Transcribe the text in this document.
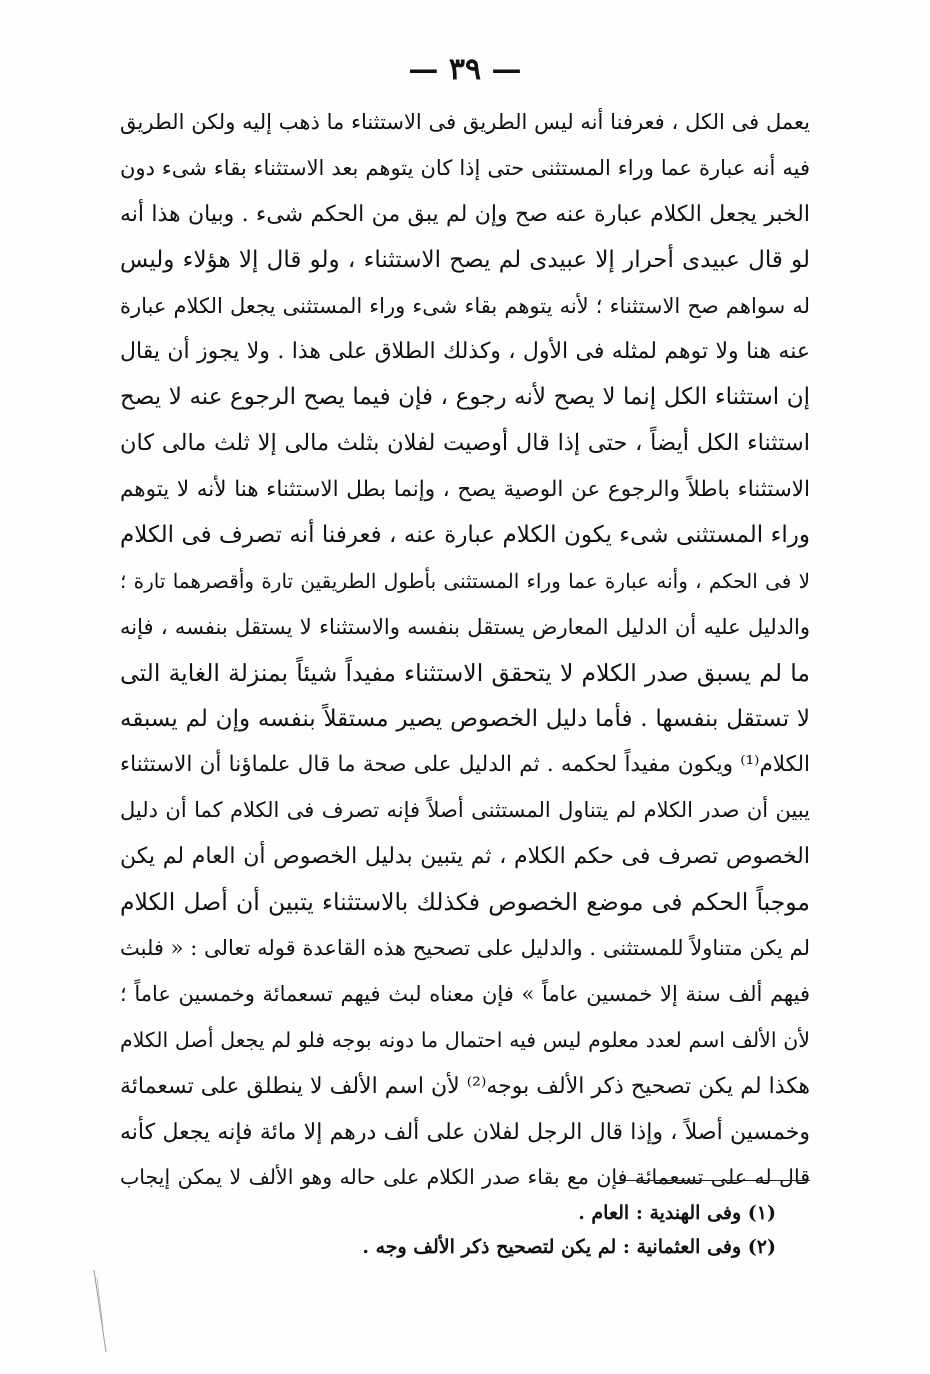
— ٣٩ —
يعمل فى الكل ، فعرفنا أنه ليس الطريق فى الاستثناء ما ذهب إليه ولكن الطريق
فيه أنه عبارة عما وراء المستثنى حتى إذا كان يتوهم بعد الاستثناء بقاء شىء دون
الخبر يجعل الكلام عبارة عنه صح وإن لم يبق من الحكم شىء . وبيان هذا أنه
لو قال عبيدى أحرار إلا عبيدى لم يصح الاستثناء ، ولو قال إلا هؤلاء وليس
له سواهم صح الاستثناء ؛ لأنه يتوهم بقاء شىء وراء المستثنى يجعل الكلام عبارة
عنه هنا ولا توهم لمثله فى الأول ، وكذلك الطلاق على هذا . ولا يجوز أن يقال
إن استثناء الكل إنما لا يصح لأنه رجوع ، فإن فيما يصح الرجوع عنه لا يصح
استثناء الكل أيضاً ، حتى إذا قال أوصيت لفلان بثلث مالى إلا ثلث مالى كان
الاستثناء باطلاً والرجوع عن الوصية يصح ، وإنما بطل الاستثناء هنا لأنه لا يتوهم
وراء المستثنى شىء يكون الكلام عبارة عنه ، فعرفنا أنه تصرف فى الكلام
لا فى الحكم ، وأنه عبارة عما وراء المستثنى بأطول الطريقين تارة وأقصرهما تارة ؛
والدليل عليه أن الدليل المعارض يستقل بنفسه والاستثناء لا يستقل بنفسه ، فإنه
ما لم يسبق صدر الكلام لا يتحقق الاستثناء مفيداً شيئاً بمنزلة الغاية التى
لا تستقل بنفسها . فأما دليل الخصوص يصير مستقلاً بنفسه وإن لم يسبقه
الكلام⁽¹⁾ ويكون مفيداً لحكمه . ثم الدليل على صحة ما قال علماؤنا أن الاستثناء
يبين أن صدر الكلام لم يتناول المستثنى أصلاً فإنه تصرف فى الكلام كما أن دليل
الخصوص تصرف فى حكم الكلام ، ثم يتبين بدليل الخصوص أن العام لم يكن
موجباً الحكم فى موضع الخصوص فكذلك بالاستثناء يتبين أن أصل الكلام
لم يكن متناولاً للمستثنى . والدليل على تصحيح هذه القاعدة قوله تعالى : « فلبث
فيهم ألف سنة إلا خمسين عاماً » فإن معناه لبث فيهم تسعمائة وخمسين عاماً ؛
لأن الألف اسم لعدد معلوم ليس فيه احتمال ما دونه بوجه فلو لم يجعل أصل الكلام
هكذا لم يكن تصحيح ذكر الألف بوجه⁽²⁾ لأن اسم الألف لا ينطلق على تسعمائة
وخمسين أصلاً ، وإذا قال الرجل لفلان على ألف درهم إلا مائة فإنه يجعل كأنه
قال له على تسعمائة فإن مع بقاء صدر الكلام على حاله وهو الألف لا يمكن إيجاب
(١) وفى الهندية : العام .
(٢) وفى العثمانية : لم يكن لتصحيح ذكر الألف وجه .
